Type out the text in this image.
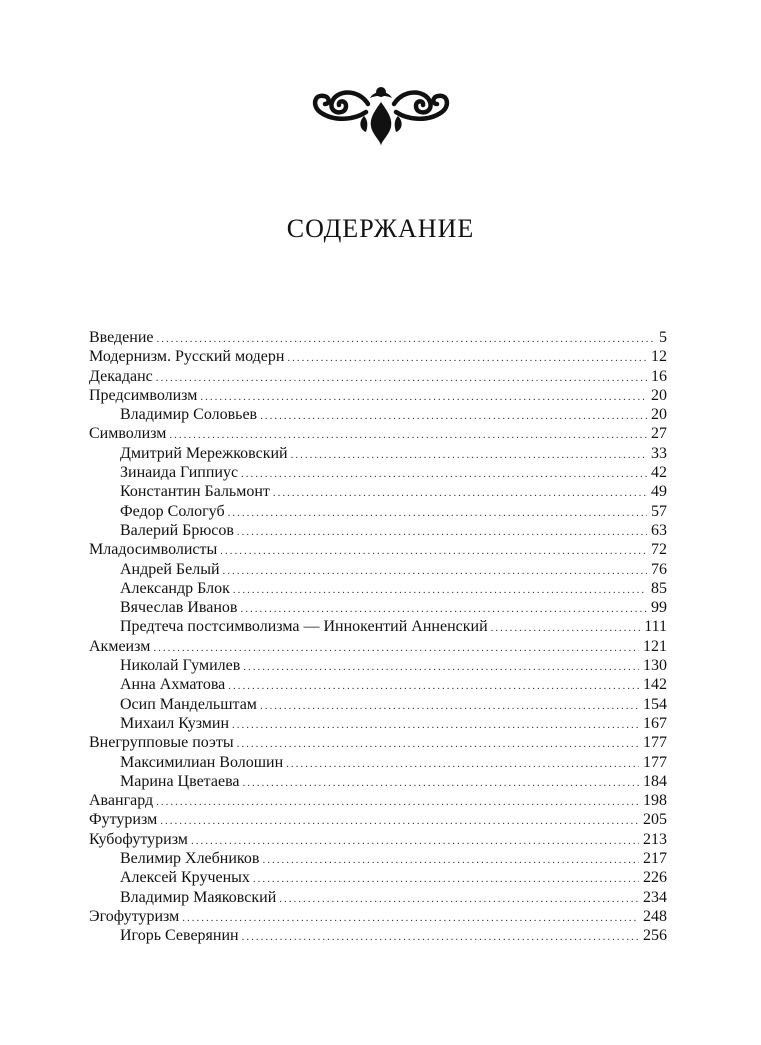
СОДЕРЖАНИЕ
Введение .....	5
Модернизм. Русский модерн .....	12
Декаданс .....	16
Предсимволизм .....	20
Владимир Соловьев .....	20
Символизм .....	27
Дмитрий Мережковский .....	33
Зинаида Гиппиус .....	42
Константин Бальмонт .....	49
Федор Сологуб .....	57
Валерий Брюсов .....	63
Младосимволисты .....	72
Андрей Белый .....	76
Александр Блок .....	85
Вячеслав Иванов .....	99
Предтеча постсимволизма — Иннокентий Анненский .....	111
Акмеизм .....	121
Николай Гумилев .....	130
Анна Ахматова .....	142
Осип Мандельштам .....	154
Михаил Кузмин .....	167
Внегрупповые поэты .....	177
Максимилиан Волошин .....	177
Марина Цветаева .....	184
Авангард .....	198
Футуризм .....	205
Кубофутуризм .....	213
Велимир Хлебников .....	217
Алексей Крученых .....	226
Владимир Маяковский .....	234
Эгофутуризм .....	248
Игорь Северянин .....	256
